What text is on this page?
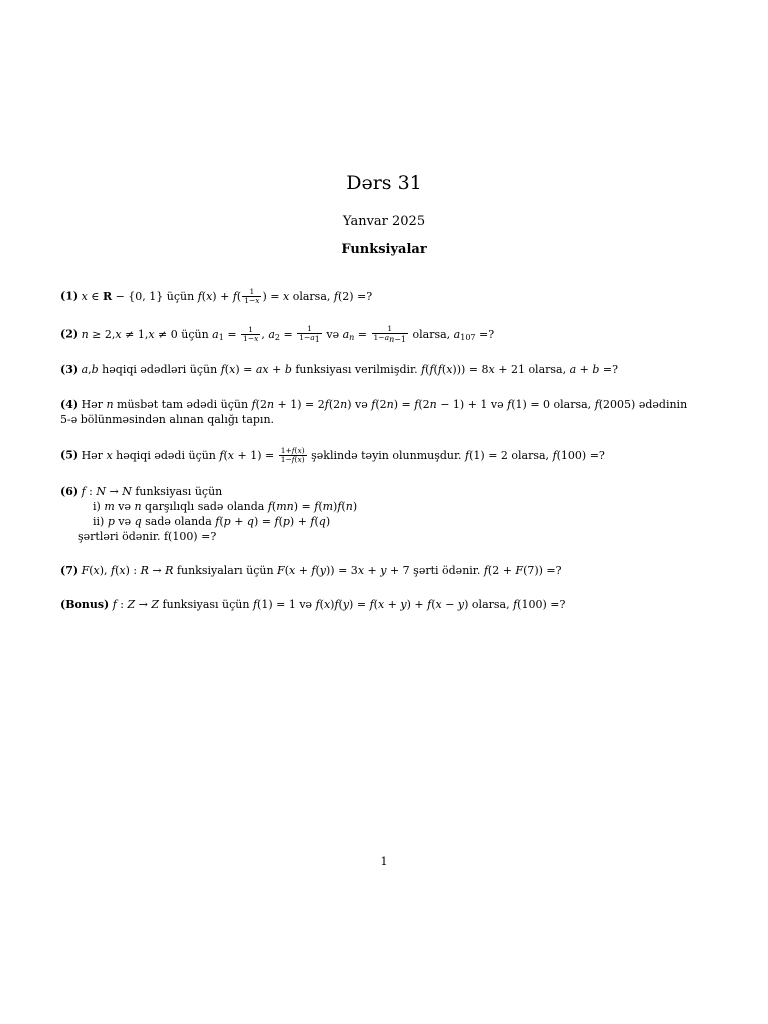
Dərs 31
Yanvar 2025
Funksiyalar
(1) x ∈ R − {0, 1} üçün $f(x) + f( \frac{1}{1-x}$ ) = x olarsa, f(2) =?
(2) n ≥ 2,x ≠ 1,x ≠ 0 üçün $a_1 = \frac{1}{1-x}$ , $a_2 = \frac{1}{1-a1}$ və $a_n = \frac{1}{1-an-1}$ olarsa, $a_{107}$ =?
(3) a,b həqiqi ədədləri üçün f(x) = ax + b funksiyası verilmişdir. f(f(f(x))) = 8x + 21 olarsa, a + b =?
(4) Hər n müsbət tam ədədi üçün f(2n + 1) = 2f(2n) və f(2n) = f(2n − 1) + 1 və f(1) = 0 olarsa, f(2005) ədədinin
5-ə bölünməsindən alınan qalığı tapın.
(5) Hər x həqiqi ədədi üçün $f(x + 1) = \frac{1+f(x)}{1-f(x)}$ şəklində təyin olunmuşdur. f(1) = 2 olarsa, f(100) =?
(6) f : N → N funksiyası üçün
i) m və n qarşılıqlı sadə olanda f(mn) = f(m)f(n)
ii) p və q sadə olanda f(p + q) = f(p) + f(q)
şərtləri ödənir. f(100) =?
(7) F(x), f(x) : R → R funksiyaları üçün F(x + f(y)) = 3x + y + 7 şərti ödənir. f(2 + F(7)) =?
(Bonus) f : Z → Z funksiyası üçün f(1) = 1 və f(x)f(y) = f(x + y) + f(x − y) olarsa, f(100) =?
1
